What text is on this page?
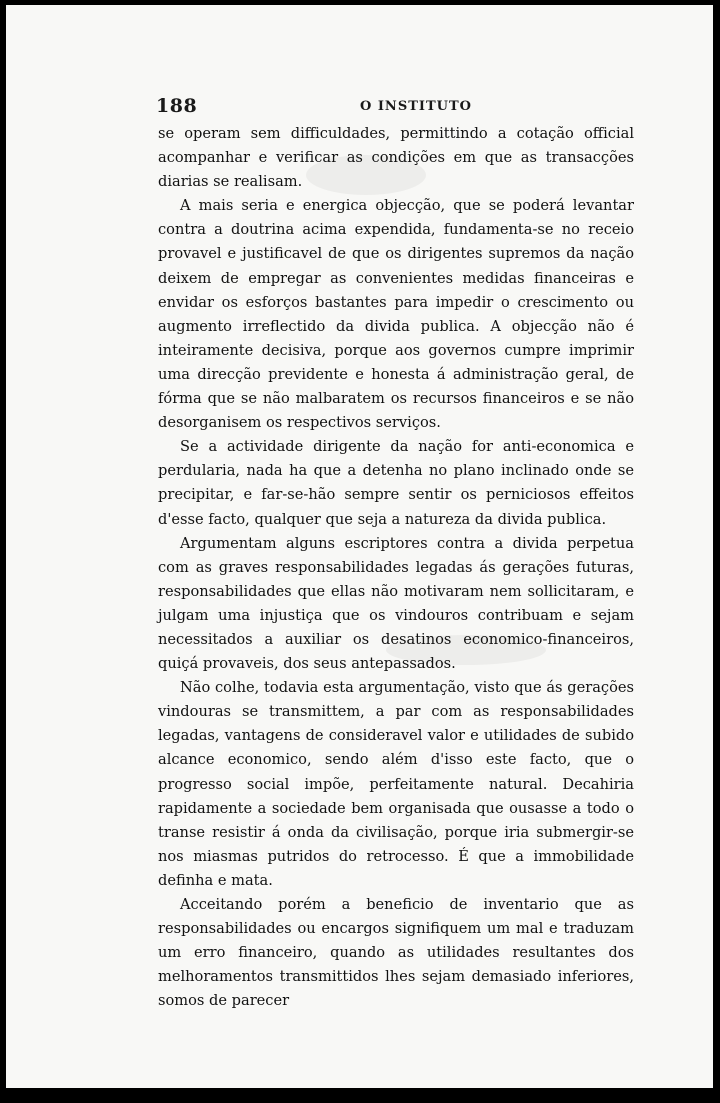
188	O INSTITUTO

se operam sem difficuldades, permittindo a cotação official acompanhar e verificar as condições em que as transacções diarias se realisam.

A mais seria e energica objecção, que se poderá levantar contra a doutrina acima expendida, fundamenta-se no receio provavel e justificavel de que os dirigentes supremos da nação deixem de empregar as convenientes medidas financeiras e envidar os esforços bastantes para impedir o crescimento ou augmento irreflectido da divida publica. A objecção não é inteiramente decisiva, porque aos governos cumpre imprimir uma direcção previdente e honesta á administração geral, de fórma que se não malbaratem os recursos financeiros e se não desorganisem os respectivos serviços.

Se a actividade dirigente da nação for anti-economica e perdularia, nada ha que a detenha no plano inclinado onde se precipitar, e far-se-hão sempre sentir os perniciosos effeitos d'esse facto, qualquer que seja a natureza da divida publica.

Argumentam alguns escriptores contra a divida perpetua com as graves responsabilidades legadas ás gerações futuras, responsabilidades que ellas não motivaram nem sollicitaram, e julgam uma injustiça que os vindouros contribuam e sejam necessitados a auxiliar os desatinos economico-financeiros, quiçá provaveis, dos seus antepassados.

Não colhe, todavia esta argumentação, visto que ás gerações vindouras se transmittem, a par com as responsabilidades legadas, vantagens de consideravel valor e utilidades de subido alcance economico, sendo além d'isso este facto, que o progresso social impõe, perfeitamente natural. Decahiria rapidamente a sociedade bem organisada que ousasse a todo o transe resistir á onda da civilisação, porque iria submergir-se nos miasmas putridos do retrocesso. É que a immobilidade definha e mata.

Acceitando porém a beneficio de inventario que as responsabilidades ou encargos signifiquem um mal e traduzam um erro financeiro, quando as utilidades resultantes dos melhoramentos transmittidos lhes sejam demasiado inferiores, somos de parecer
